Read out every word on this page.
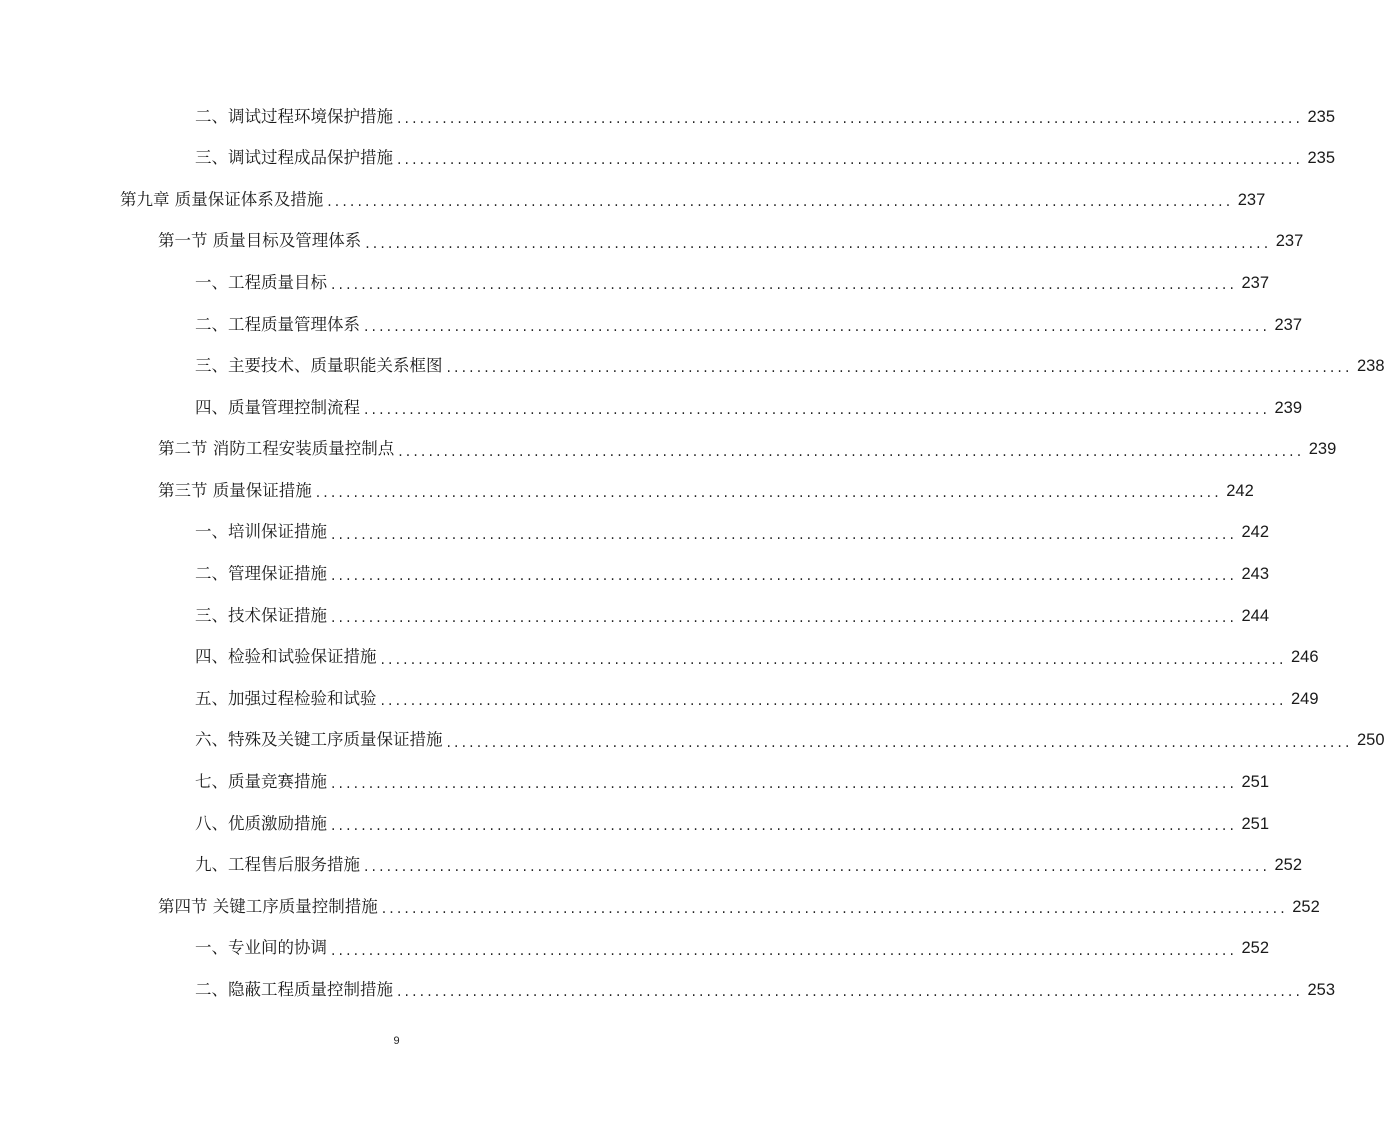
二、调试过程环境保护措施 ........................................................................................................................ 235
三、调试过程成品保护措施 ........................................................................................................................ 235
第九章 质量保证体系及措施 ........................................................................................................................ 237
第一节 质量目标及管理体系 ........................................................................................................................ 237
一、工程质量目标 ........................................................................................................................ 237
二、工程质量管理体系 ........................................................................................................................ 237
三、主要技术、质量职能关系框图 ........................................................................................................................ 238
四、质量管理控制流程 ........................................................................................................................ 239
第二节 消防工程安装质量控制点 ........................................................................................................................ 239
第三节 质量保证措施 ........................................................................................................................ 242
一、培训保证措施 ........................................................................................................................ 242
二、管理保证措施 ........................................................................................................................ 243
三、技术保证措施 ........................................................................................................................ 244
四、检验和试验保证措施 ........................................................................................................................ 246
五、加强过程检验和试验 ........................................................................................................................ 249
六、特殊及关键工序质量保证措施 ........................................................................................................................ 250
七、质量竞赛措施 ........................................................................................................................ 251
八、优质激励措施 ........................................................................................................................ 251
九、工程售后服务措施 ........................................................................................................................ 252
第四节 关键工序质量控制措施 ........................................................................................................................ 252
一、专业间的协调 ........................................................................................................................ 252
二、隐蔽工程质量控制措施 ........................................................................................................................ 253
9
